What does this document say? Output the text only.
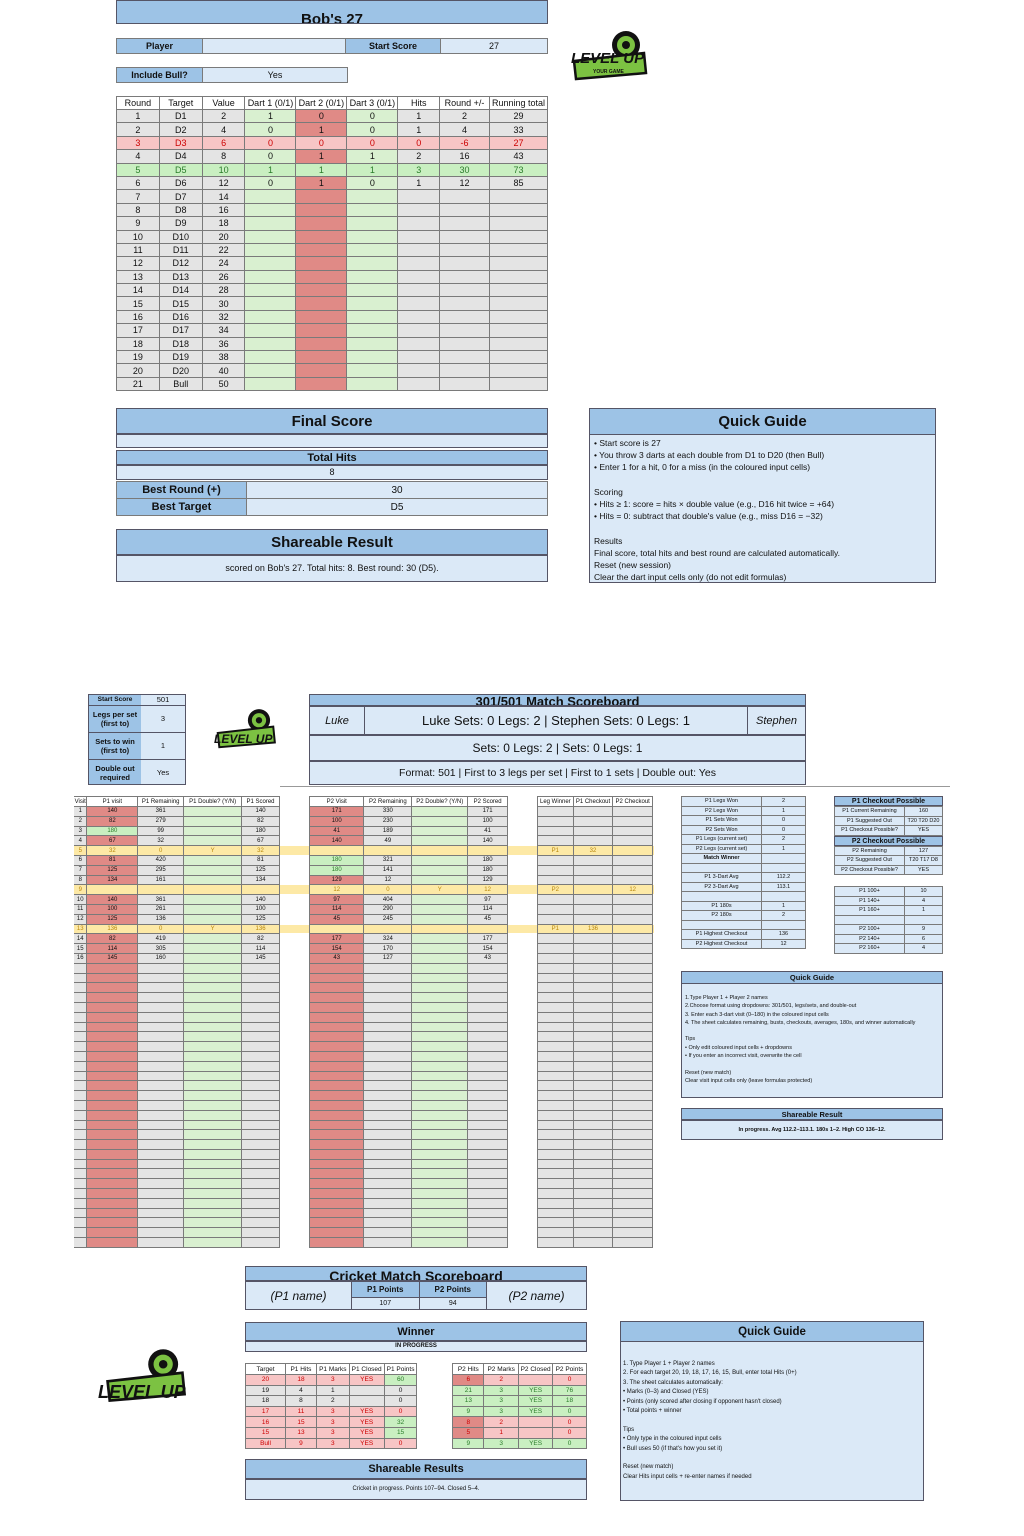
Bob's 27
Player		Start Score	27
Include Bull?	Yes
Round	Target	Value	Dart 1 (0/1)	Dart 2 (0/1)	Dart 3 (0/1)	Hits	Round +/-	Running total
1	D1	2	1	0	0	1	2	29
2	D2	4	0	1	0	1	4	33
3	D3	6	0	0	0	0	-6	27
4	D4	8	0	1	1	2	16	43
5	D5	10	1	1	1	3	30	73
6	D6	12	0	1	0	1	12	85
7	D7	14						
8	D8	16						
9	D9	18						
10	D10	20						
11	D11	22						
12	D12	24						
13	D13	26						
14	D14	28						
15	D15	30						
16	D16	32						
17	D17	34						
18	D18	36						
19	D19	38						
20	D20	40						
21	Bull	50						
Final Score
Total Hits
8
Best Round (+)	30
Best Target	D5
Shareable Result
scored on Bob's 27. Total hits: 8. Best round: 30 (D5).
Quick Guide
• Start score is 27
• You throw 3 darts at each double from D1 to D20 (then Bull)
• Enter 1 for a hit, 0 for a miss (in the coloured input cells)

Scoring
• Hits ≥ 1: score = hits × double value (e.g., D16 hit twice = +64)
• Hits = 0: subtract that double's value (e.g., miss D16 = −32)

Results
Final score, total hits and best round are calculated automatically.
Reset (new session)
Clear the dart input cells only (do not edit formulas)
LEVEL UP
YOUR GAME
Start Score	501
Legs per set (first to)	3
Sets to win (first to)	1
Double out required	Yes
LEVEL UP
301/501 Match Scoreboard
Luke	Luke Sets: 0 Legs: 2 | Stephen Sets: 0 Legs: 1	Stephen
Sets: 0 Legs: 2 | Sets: 0 Legs: 1
Format: 501 | First to 3 legs per set | First to 1 sets | Double out: Yes
Visit	P1 visit	P1 Remaining	P1 Double? (Y/N)	P1 Scored
1	140	361		140
2	82	279		82
3	180	99		180
4	67	32		67
5	32	0	Y	32
6	81	420		81
7	125	295		125
8	134	161		134
9				
10	140	361		140
11	100	261		100
12	125	136		125
13	136	0	Y	136
14	82	419		82
15	114	305		114
16	145	160		145

P2 Visit	P2 Remaining	P2 Double? (Y/N)	P2 Scored
171	330		171
100	230		100
41	189		41
140	49		140

180	321		180
180	141		180
129	12		129
12	0	Y	12
97	404		97
114	290		114
45	245		45

177	324		177
154	170		154
43	127		43

Leg Winner	P1 Checkout	P2 Checkout

P1	32	

P2		12

P1	136	

P1 Legs Won	2
P2 Legs Won	1
P1 Sets Won	0
P2 Sets Won	0
P1 Legs (current set)	2
P2 Legs (current set)	1
Match Winner	

P1 3-Dart Avg	112.2
P2 3-Dart Avg	113.1

P1 180s	1
P2 180s	2

P1 Highest Checkout	136
P2 Highest Checkout	12
P1 Checkout Possible
P1 Current Remaining	160
P1 Suggested Out	T20 T20 D20
P1 Checkout Possible?	YES
P2 Checkout Possible
P2 Remaining	127
P2 Suggested Out	T20 T17 D8
P2 Checkout Possible?	YES
P1 100+	10
P1 140+	4
P1 160+	1

P2 100+	9
P2 140+	6
P2 160+	4
Quick Guide
1.Type Player 1 + Player 2 names
2.Choose format using dropdowns: 301/501, legs/sets, and double-out
3. Enter each 3-dart visit (0–180) in the coloured input cells
4. The sheet calculates remaining, busts, checkouts, averages, 180s, and winner automatically

Tips
• Only edit coloured input cells + dropdowns
• If you enter an incorrect visit, overwrite the cell

Reset (new match)
Clear visit input cells only (leave formulas protected)
Shareable Result
In progress. Avg 112.2–113.1. 180s 1–2. High CO 136–12.
Cricket Match Scoreboard
(P1 name)	P1 Points	P2 Points
107	94
(P2 name)
LEVEL UP
Winner
IN PROGRESS
Target	P1 Hits	P1 Marks	P1 Closed	P1 Points		P2 Hits	P2 Marks	P2 Closed	P2 Points
20	18	3	YES	60		6	2		0
19	4	1		0		21	3	YES	76
18	8	2		0		13	3	YES	18
17	11	3	YES	0		9	3	YES	0
16	15	3	YES	32		8	2		0
15	13	3	YES	15		5	1		0
Bull	9	3	YES	0		9	3	YES	0
Shareable Results
Cricket in progress. Points 107–94. Closed 5–4.
Quick Guide
1. Type Player 1 + Player 2 names
2. For each target 20, 19, 18, 17, 16, 15, Bull, enter total Hits (0+)
3. The sheet calculates automatically:
• Marks (0–3) and Closed (YES)
• Points (only scored after closing if opponent hasn't closed)
• Total points + winner

Tips
• Only type in the coloured input cells
• Bull uses 50 (if that's how you set it)

Reset (new match)
Clear Hits input cells + re-enter names if needed
